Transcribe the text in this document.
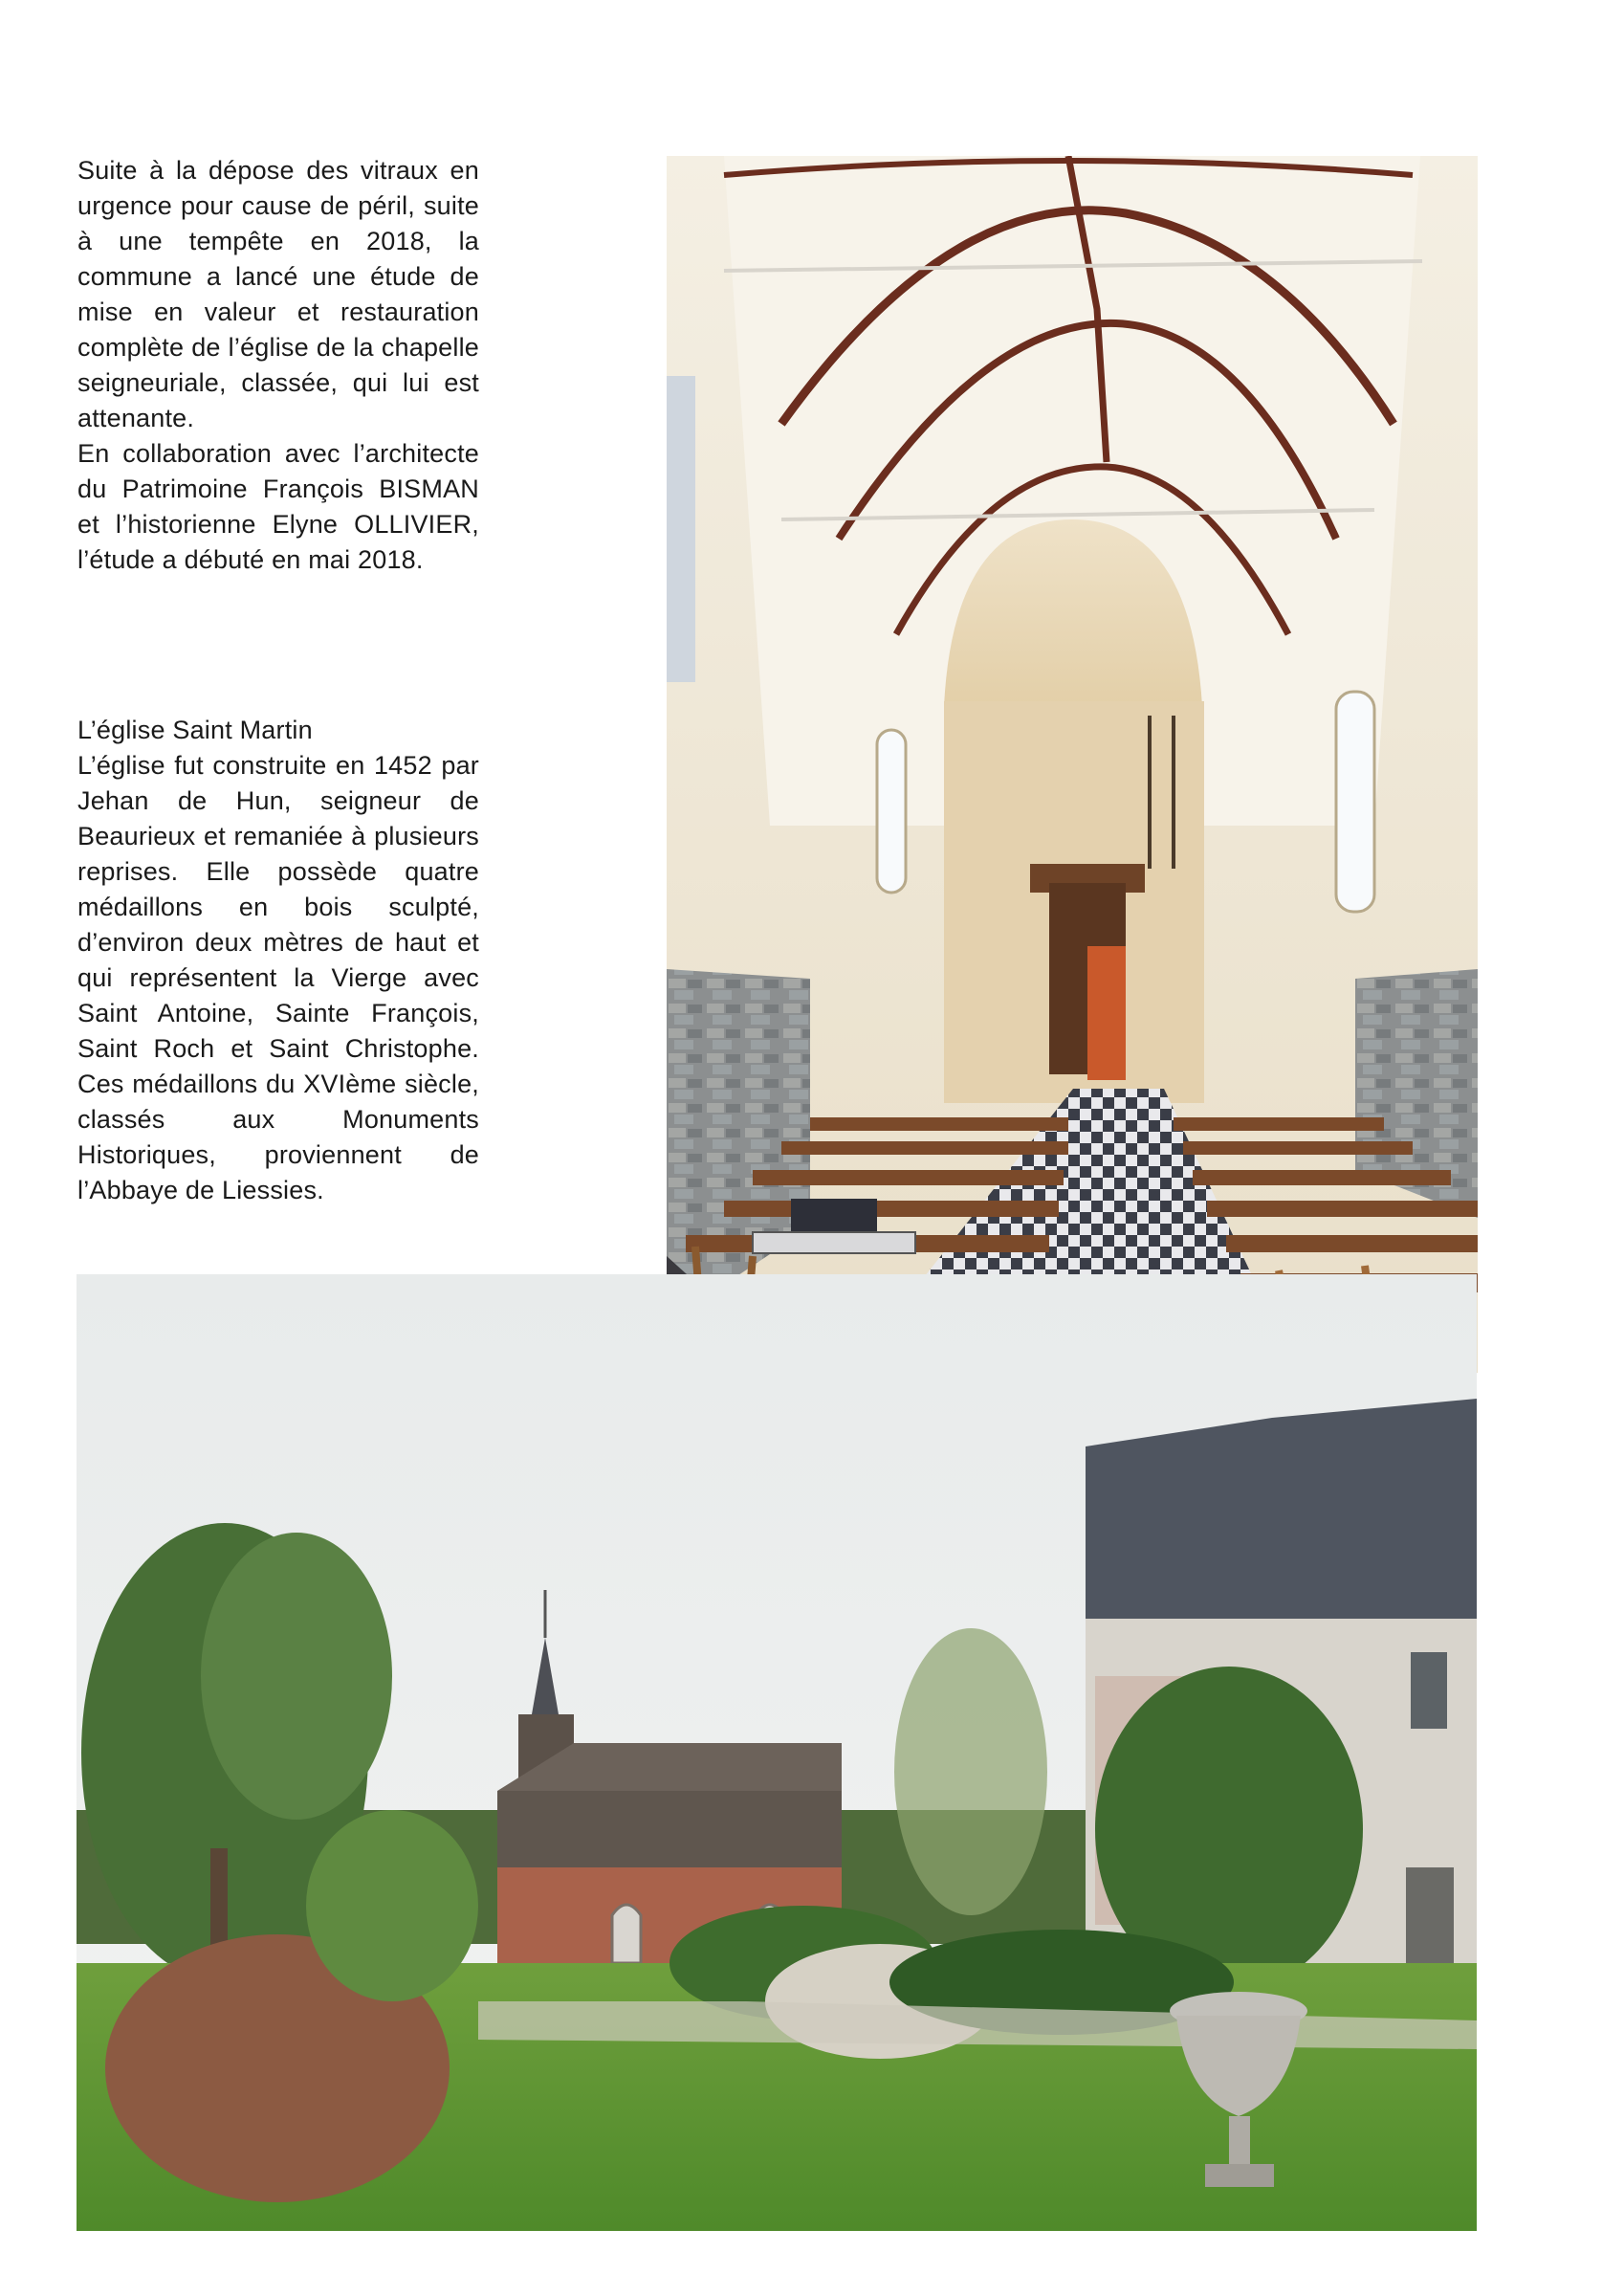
Suite à la dépose des vitraux en urgence pour cause de péril, suite à une tempête en 2018, la commune a lancé une étude de mise en valeur et restauration complète de l’église de la chapelle seigneuriale, classée, qui lui est attenante.

En collaboration avec l’architecte du Patrimoine François BISMAN et l’historienne Elyne OLLIVIER, l’étude a débuté en mai 2018.

L’église Saint Martin

L’église fut construite en 1452 par Jehan de Hun, seigneur de Beaurieux et remaniée à plusieurs reprises. Elle possède quatre médaillons en bois sculpté, d’environ deux mètres de haut et qui représentent la Vierge avec Saint Antoine, Sainte François, Saint Roch et Saint Christophe. Ces médaillons du XVIème siècle, classés aux Monuments Historiques, proviennent de l’Abbaye de Liessies.
